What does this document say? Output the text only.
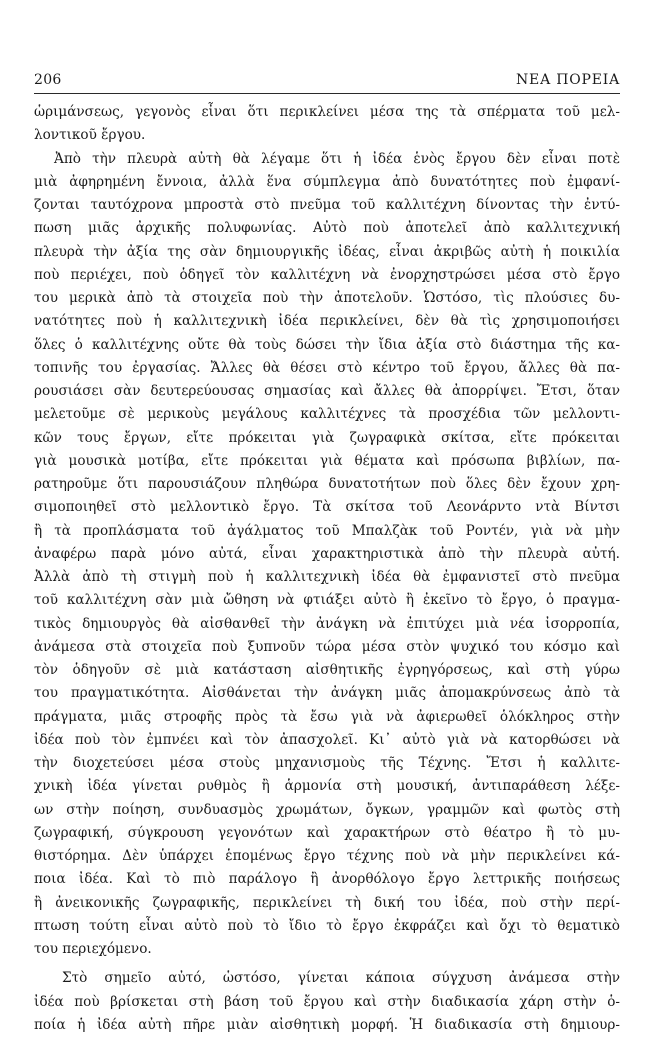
206	ΝΕΑ ΠΟΡΕΙΑ
ὡριμάνσεως, γεγονὸς εἶναι ὅτι περικλείνει μέσα της τὰ σπέρματα τοῦ μελ-
λοντικοῦ ἔργου.
Ἀπὸ τὴν πλευρὰ αὐτὴ θὰ λέγαμε ὅτι ἡ ἰδέα ἑνὸς ἔργου δὲν εἶναι ποτὲ
μιὰ ἀφηρημένη ἔννοια, ἀλλὰ ἕνα σύμπλεγμα ἀπὸ δυνατότητες ποὺ ἐμφανί-
ζονται ταυτόχρονα μπροστὰ στὸ πνεῦμα τοῦ καλλιτέχνη δίνοντας τὴν ἐντύ-
πωση μιᾶς ἀρχικῆς πολυφωνίας. Αὐτὸ ποὺ ἀποτελεῖ ἀπὸ καλλιτεχνική
πλευρὰ τὴν ἀξία της σὰν δημιουργικῆς ἰδέας, εἶναι ἀκριβῶς αὐτὴ ἡ ποικιλία
ποὺ περιέχει, ποὺ ὁδηγεῖ τὸν καλλιτέχνη νὰ ἐνορχηστρώσει μέσα στὸ ἔργο
του μερικὰ ἀπὸ τὰ στοιχεῖα ποὺ τὴν ἀποτελοῦν. Ὡστόσο, τὶς πλούσιες δυ-
νατότητες ποὺ ἡ καλλιτεχνικὴ ἰδέα περικλείνει, δὲν θὰ τὶς χρησιμοποιήσει
ὅλες ὁ καλλιτέχνης οὔτε θὰ τοὺς δώσει τὴν ἴδια ἀξία στὸ διάστημα τῆς κα-
τοπινῆς του ἐργασίας. Ἄλλες θὰ θέσει στὸ κέντρο τοῦ ἔργου, ἄλλες θὰ πα-
ρουσιάσει σὰν δευτερεύουσας σημασίας καὶ ἄλλες θὰ ἀπορρίψει. Ἔτσι, ὅταν
μελετοῦμε σὲ μερικοὺς μεγάλους καλλιτέχνες τὰ προσχέδια τῶν μελλοντι-
κῶν τους ἔργων, εἴτε πρόκειται γιὰ ζωγραφικὰ σκίτσα, εἴτε πρόκειται
γιὰ μουσικὰ μοτίβα, εἴτε πρόκειται γιὰ θέματα καὶ πρόσωπα βιβλίων, πα-
ρατηροῦμε ὅτι παρουσιάζουν πληθώρα δυνατοτήτων ποὺ ὅλες δὲν ἔχουν χρη-
σιμοποιηθεῖ στὸ μελλοντικὸ ἔργο. Τὰ σκίτσα τοῦ Λεονάρντο ντὰ Βίντσι
ἢ τὰ προπλάσματα τοῦ ἀγάλματος τοῦ Μπαλζὰκ τοῦ Ροντέν, γιὰ νὰ μὴν
ἀναφέρω παρὰ μόνο αὐτά, εἶναι χαρακτηριστικὰ ἀπὸ τὴν πλευρὰ αὐτή.
Ἀλλὰ ἀπὸ τὴ στιγμὴ ποὺ ἡ καλλιτεχνικὴ ἰδέα θὰ ἐμφανιστεῖ στὸ πνεῦμα
τοῦ καλλιτέχνη σὰν μιὰ ὤθηση νὰ φτιάξει αὐτὸ ἢ ἐκεῖνο τὸ ἔργο, ὁ πραγμα-
τικὸς δημιουργὸς θὰ αἰσθανθεῖ τὴν ἀνάγκη νὰ ἐπιτύχει μιὰ νέα ἰσορροπία,
ἀνάμεσα στὰ στοιχεῖα ποὺ ξυπνοῦν τώρα μέσα στὸν ψυχικό του κόσμο καὶ
τὸν ὁδηγοῦν σὲ μιὰ κατάσταση αἰσθητικῆς ἐγρηγόρσεως, καὶ στὴ γύρω
του πραγματικότητα. Αἰσθάνεται τὴν ἀνάγκη μιᾶς ἀπομακρύνσεως ἀπὸ τὰ
πράγματα, μιᾶς στροφῆς πρὸς τὰ ἔσω γιὰ νὰ ἀφιερωθεῖ ὁλόκληρος στὴν
ἰδέα ποὺ τὸν ἐμπνέει καὶ τὸν ἀπασχολεῖ. Κι᾿ αὐτὸ γιὰ νὰ κατορθώσει νὰ
τὴν διοχετεύσει μέσα στοὺς μηχανισμοὺς τῆς Τέχνης. Ἔτσι ἡ καλλιτε-
χνικὴ ἰδέα γίνεται ρυθμὸς ἢ ἁρμονία στὴ μουσική, ἀντιπαράθεση λέξε-
ων στὴν ποίηση, συνδυασμὸς χρωμάτων, ὄγκων, γραμμῶν καὶ φωτὸς στὴ
ζωγραφική, σύγκρουση γεγονότων καὶ χαρακτήρων στὸ θέατρο ἢ τὸ μυ-
θιστόρημα. Δὲν ὑπάρχει ἑπομένως ἔργο τέχνης ποὺ νὰ μὴν περικλείνει κά-
ποια ἰδέα. Καὶ τὸ πιὸ παράλογο ἢ ἀνορθόλογο ἔργο λεττρικῆς ποιήσεως
ἢ ἀνεικονικῆς ζωγραφικῆς, περικλείνει τὴ δική του ἰδέα, ποὺ στὴν περί-
πτωση τούτη εἶναι αὐτὸ ποὺ τὸ ἴδιο τὸ ἔργο ἐκφράζει καὶ ὄχι τὸ θεματικὸ
του περιεχόμενο.
Στὸ σημεῖο αὐτό, ὡστόσο, γίνεται κάποια σύγχυση ἀνάμεσα στὴν
ἰδέα ποὺ βρίσκεται στὴ βάση τοῦ ἔργου καὶ στὴν διαδικασία χάρη στὴν ὁ-
ποία ἡ ἰδέα αὐτὴ πῆρε μιὰν αἰσθητικὴ μορφή. Ἡ διαδικασία στὴ δημιουρ-
